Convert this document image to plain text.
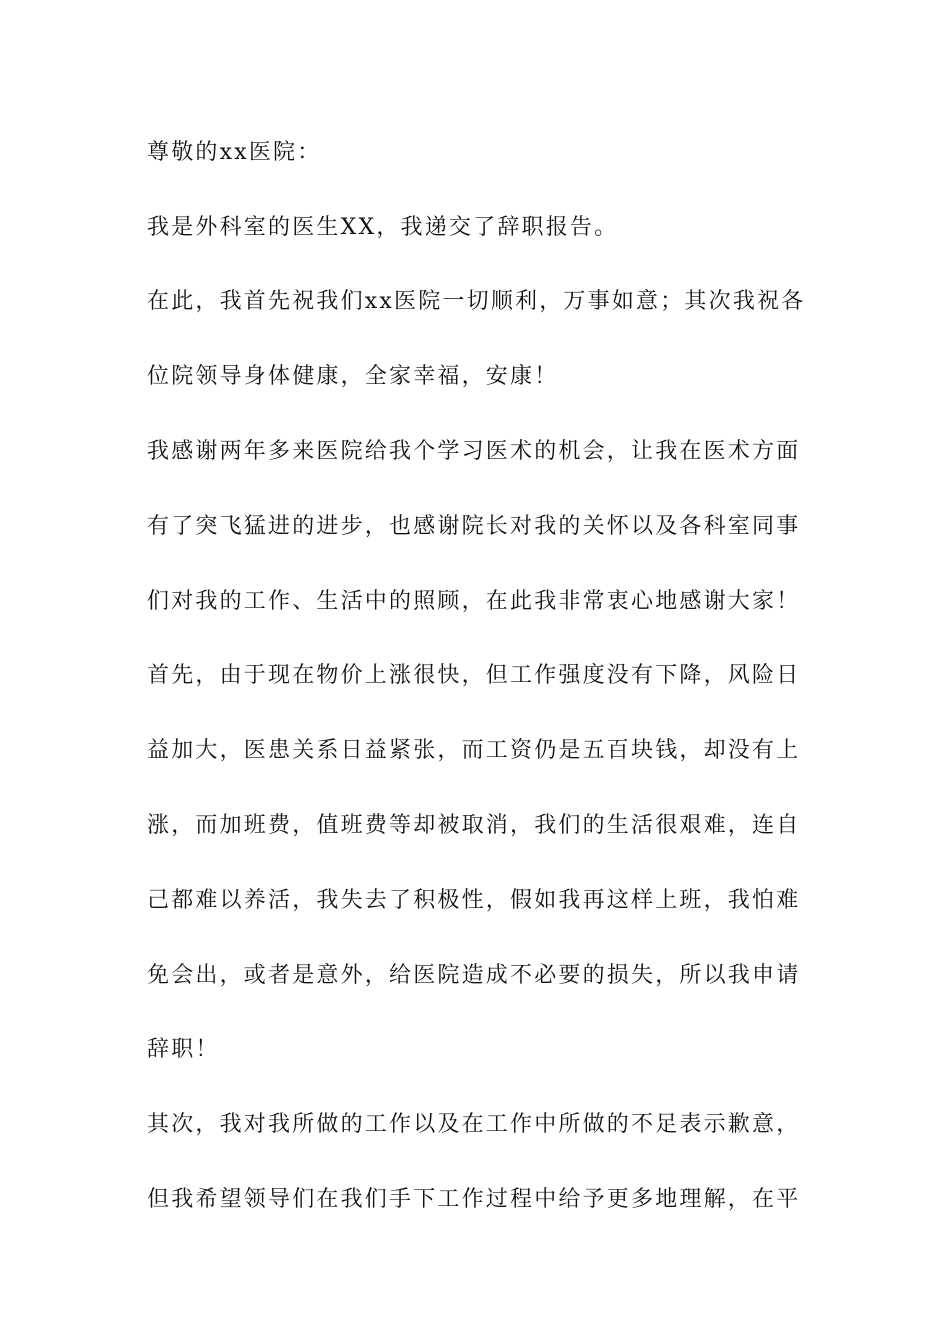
尊敬的xx医院：
我是外科室的医生XX，我递交了辞职报告。
在此，我首先祝我们xx医院一切顺利，万事如意；其次我祝各
位院领导身体健康，全家幸福，安康！
我感谢两年多来医院给我个学习医术的机会，让我在医术方面
有了突飞猛进的进步，也感谢院长对我的关怀以及各科室同事
们对我的工作、生活中的照顾，在此我非常衷心地感谢大家！
首先，由于现在物价上涨很快，但工作强度没有下降，风险日
益加大，医患关系日益紧张，而工资仍是五百块钱，却没有上
涨，而加班费，值班费等却被取消，我们的生活很艰难，连自
己都难以养活，我失去了积极性，假如我再这样上班，我怕难
免会出，或者是意外，给医院造成不必要的损失，所以我申请
辞职！
其次，我对我所做的工作以及在工作中所做的不足表示歉意，
但我希望领导们在我们手下工作过程中给予更多地理解，在平
